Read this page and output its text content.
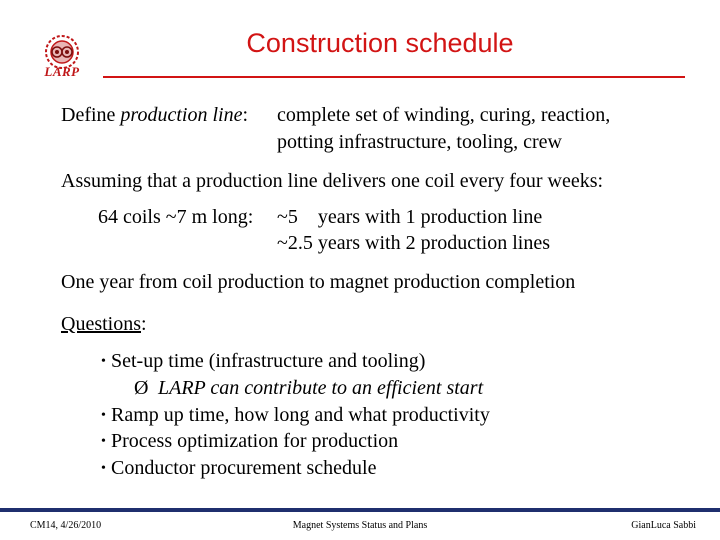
LARP
Construction schedule
Define production line: complete set of winding, curing, reaction,
potting infrastructure, tooling, crew
Assuming that a production line delivers one coil every four weeks:
64 coils ~7 m long: ~5    years with 1 production line
~2.5 years with 2 production lines
One year from coil production to magnet production completion
Questions:
• Set-up time (infrastructure and tooling)
Ø LARP can contribute to an efficient start
• Ramp up time, how long and what productivity
• Process optimization for production
• Conductor procurement schedule
CM14, 4/26/2010	Magnet Systems Status and Plans	GianLuca Sabbi
